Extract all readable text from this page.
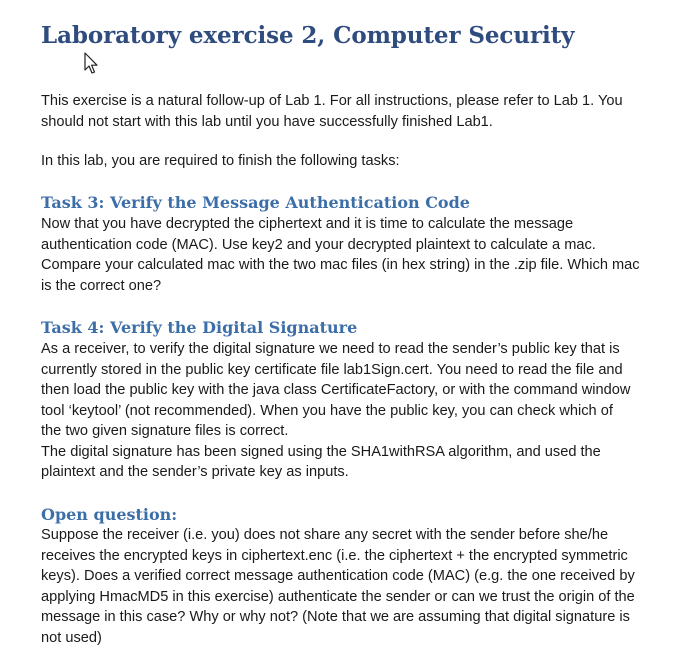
Laboratory exercise 2, Computer Security

This exercise is a natural follow-up of Lab 1. For all instructions, please refer to Lab 1. You
should not start with this lab until you have successfully finished Lab1.

In this lab, you are required to finish the following tasks:

Task 3: Verify the Message Authentication Code

Now that you have decrypted the ciphertext and it is time to calculate the message
authentication code (MAC). Use key2 and your decrypted plaintext to calculate a mac.
Compare your calculated mac with the two mac files (in hex string) in the .zip file. Which mac
is the correct one?

Task 4: Verify the Digital Signature

As a receiver, to verify the digital signature we need to read the sender’s public key that is
currently stored in the public key certificate file lab1Sign.cert. You need to read the file and
then load the public key with the java class CertificateFactory, or with the command window
tool ‘keytool’ (not recommended). When you have the public key, you can check which of
the two given signature files is correct.
The digital signature has been signed using the SHA1withRSA algorithm, and used the
plaintext and the sender’s private key as inputs.

Open question:

Suppose the receiver (i.e. you) does not share any secret with the sender before she/he
receives the encrypted keys in ciphertext.enc (i.e. the ciphertext + the encrypted symmetric
keys). Does a verified correct message authentication code (MAC) (e.g. the one received by
applying HmacMD5 in this exercise) authenticate the sender or can we trust the origin of the
message in this case? Why or why not? (Note that we are assuming that digital signature is
not used)
